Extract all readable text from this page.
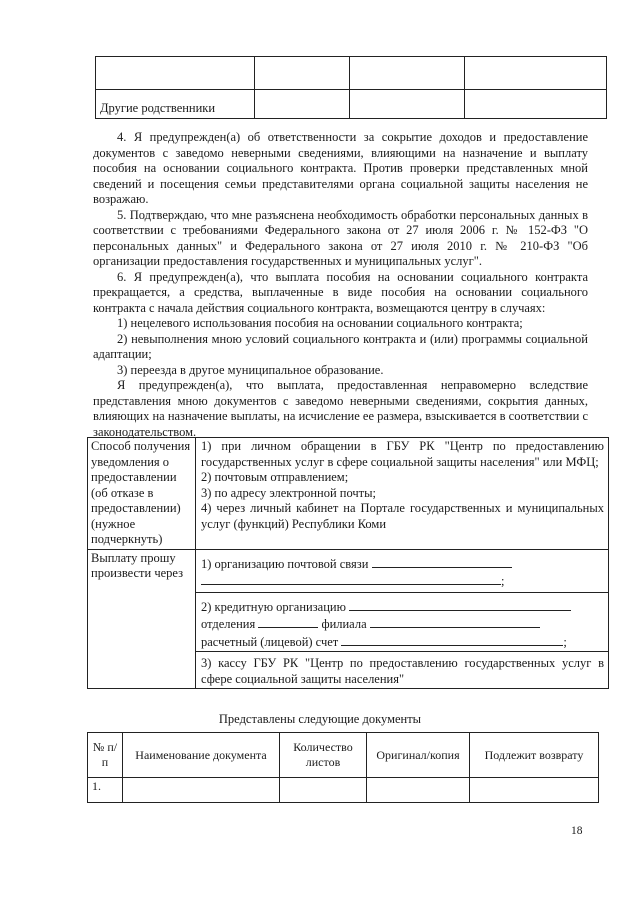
Другие родственники			

4. Я предупрежден(а) об ответственности за сокрытие доходов и предоставление документов с заведомо неверными сведениями, влияющими на назначение и выплату пособия на основании социального контракта. Против проверки представленных мной сведений и посещения семьи представителями органа социальной защиты населения не возражаю.

5. Подтверждаю, что мне разъяснена необходимость обработки персональных данных в соответствии с требованиями Федерального закона от 27 июля 2006 г. № 152-ФЗ "О персональных данных" и Федерального закона от 27 июля 2010 г. № 210-ФЗ "Об организации предоставления государственных и муниципальных услуг".

6. Я предупрежден(а), что выплата пособия на основании социального контракта прекращается, а средства, выплаченные в виде пособия на основании социального контракта с начала действия социального контракта, возмещаются центру в случаях:

1) нецелевого использования пособия на основании социального контракта;

2) невыполнения мною условий социального контракта и (или) программы социальной адаптации;

3) переезда в другое муниципальное образование.

Я предупрежден(а), что выплата, предоставленная неправомерно вследствие представления мною документов с заведомо неверными сведениями, сокрытия данных, влияющих на назначение выплаты, на исчисление ее размера, взыскивается в соответствии с законодательством.

Способ получения уведомления о предоставлении (об отказе в предоставлении) (нужное подчеркнуть)	1) при личном обращении в ГБУ РК "Центр по предоставлению государственных услуг в сфере социальной защиты населения" или МФЦ;
2) почтовым отправлением;
3) по адресу электронной почты;
4) через личный кабинет на Портале государственных и муниципальных услуг (функций) Республики Коми

Выплату прошу произвести через	1) организацию почтовой связи
;

	2) кредитную организацию
отделения филиала
расчетный (лицевой) счет ;

	3) кассу ГБУ РК "Центр по предоставлению государственных услуг в сфере социальной защиты населения"
Представлены следующие документы
№ п/п	Наименование документа	Количество листов	Оригинал/копия	Подлежит возврату
1.				
18
